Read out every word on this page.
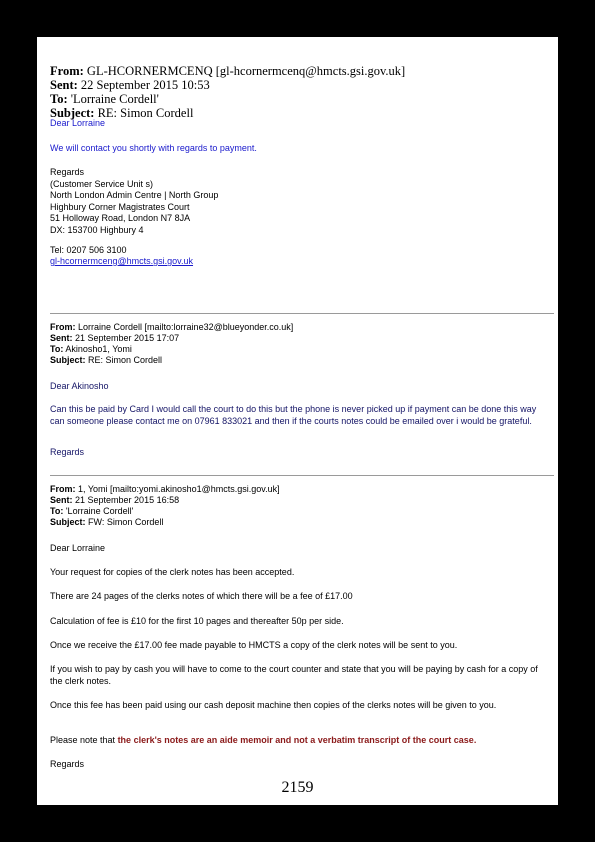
From: GL-HCORNERMCENQ [gl-hcornermcenq@hmcts.gsi.gov.uk]
Sent: 22 September 2015 10:53
To: 'Lorraine Cordell'
Subject: RE: Simon Cordell
Dear Lorraine
We will contact you shortly with regards to payment.
Regards
(Customer Service Unit s)
North London Admin Centre | North Group
Highbury Corner Magistrates Court
51 Holloway Road, London N7 8JA
DX: 153700 Highbury 4
Tel: 0207 506 3100
gl-hcornermceng@hmcts.gsi.gov.uk
From: Lorraine Cordell [mailto:lorraine32@blueyonder.co.uk]
Sent: 21 September 2015 17:07
To: Akinosho1, Yomi
Subject: RE: Simon Cordell
Dear Akinosho
Can this be paid by Card I would call the court to do this but the phone is never picked up if payment can be done this way can someone please contact me on 07961 833021 and then if the courts notes could be emailed over i would be grateful.
Regards
From: 1, Yomi [mailto:yomi.akinosho1@hmcts.gsi.gov.uk]
Sent: 21 September 2015 16:58
To: 'Lorraine Cordell'
Subject: FW: Simon Cordell
Dear Lorraine
Your request for copies of the clerk notes has been accepted.
There are 24 pages of the clerks notes of which there will be a fee of £17.00
Calculation of fee is £10 for the first 10 pages and thereafter 50p per side.
Once we receive the £17.00 fee made payable to HMCTS a copy of the clerk notes will be sent to you.
If you wish to pay by cash you will have to come to the court counter and state that you will be paying by cash for a copy of the clerk notes.
Once this fee has been paid using our cash deposit machine then copies of the clerks notes will be given to you.
Please note that the clerk's notes are an aide memoir and not a verbatim transcript of the court case.
Regards
2159
